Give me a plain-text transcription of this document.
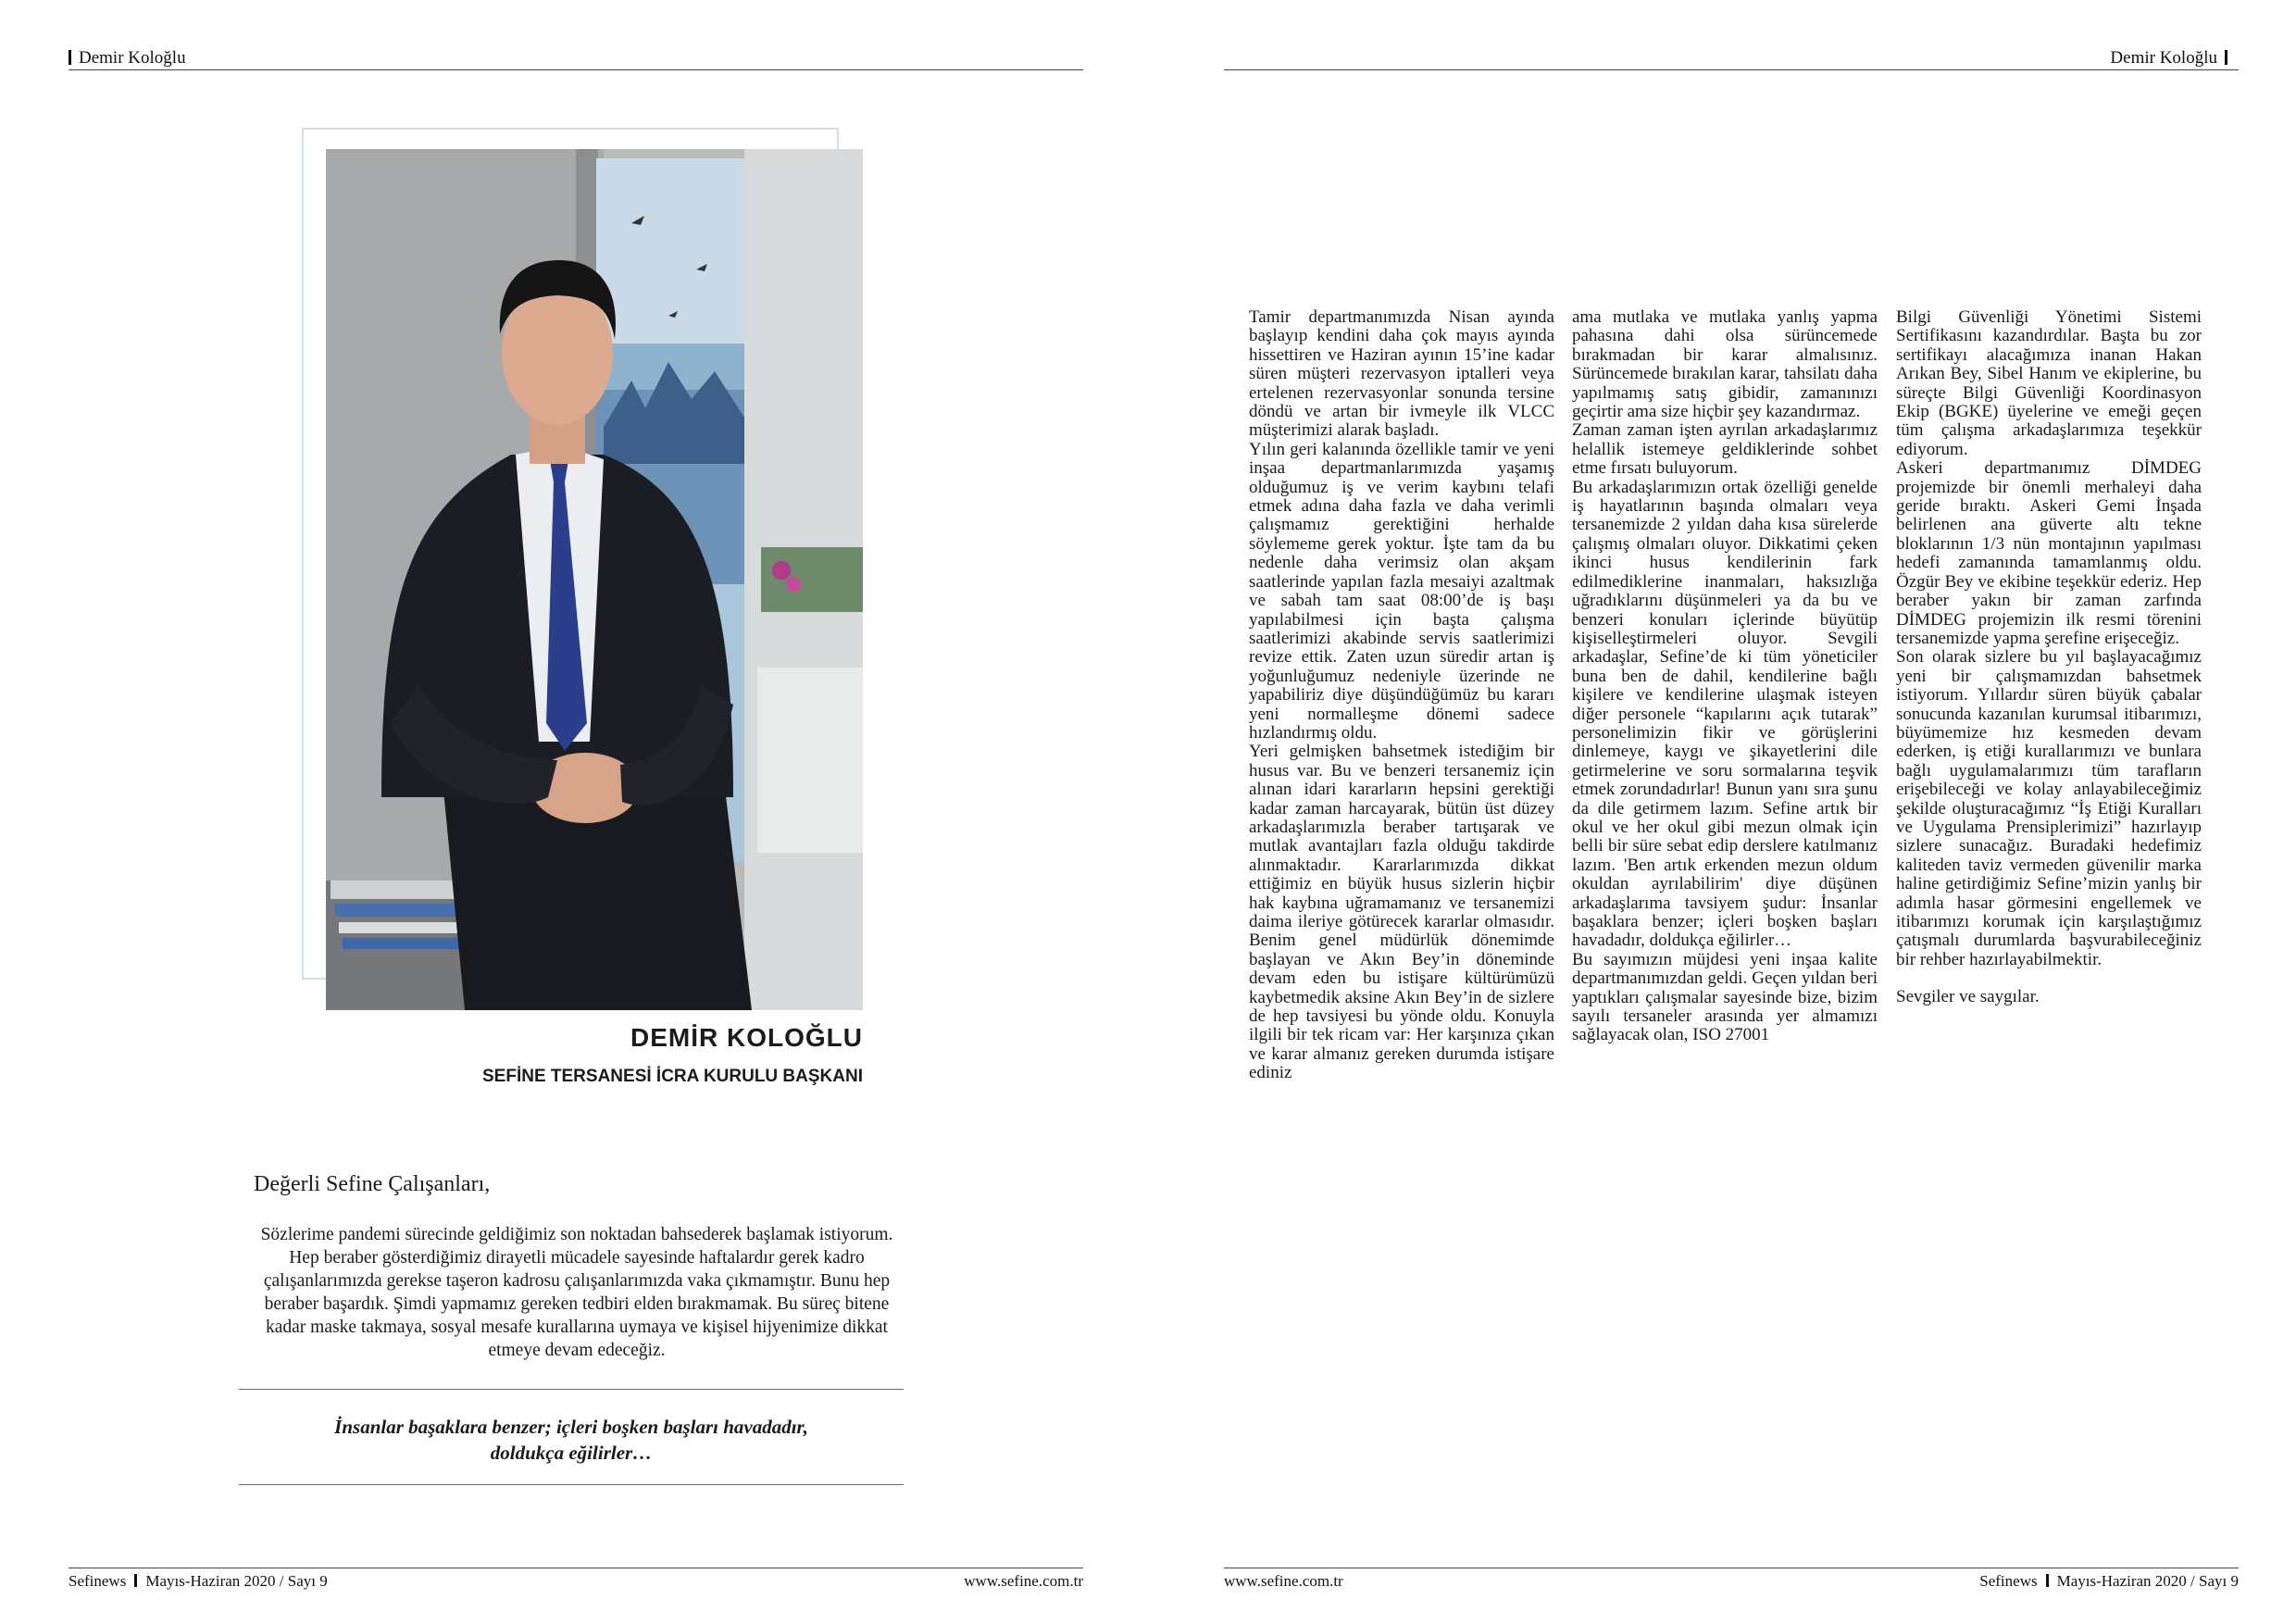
Demir Koloğlu
DEMİR KOLOĞLU
SEFİNE TERSANESİ İCRA KURULU BAŞKANI
Değerli Sefine Çalışanları,
Sözlerime pandemi sürecinde geldiğimiz son noktadan bahsederek başlamak istiyorum. Hep beraber gösterdiğimiz dirayetli mücadele sayesinde haftalardır gerek kadro çalışanlarımızda gerekse taşeron kadrosu çalışanlarımızda vaka çıkmamıştır. Bunu hep beraber başardık. Şimdi yapmamız gereken tedbiri elden bırakmamak. Bu süreç bitene kadar maske takmaya, sosyal mesafe kurallarına uymaya ve kişisel hijyenimize dikkat etmeye devam edeceğiz.
İnsanlar başaklara benzer; içleri boşken başları havadadır,
doldukça eğilirler…
Sefinews Mayıs-Haziran 2020 / Sayı 9	www.sefine.com.tr
Demir Koloğlu

Tamir departmanımızda Nisan ayında başlayıp kendini daha çok mayıs ayında hissettiren ve Haziran ayının 15’ine kadar süren müşteri rezervasyon iptalleri veya ertelenen rezervasyonlar sonunda tersine döndü ve artan bir ivmeyle ilk VLCC müşterimizi alarak başladı.

Yılın geri kalanında özellikle tamir ve yeni inşaa departmanlarımızda yaşamış olduğumuz iş ve verim kaybını telafi etmek adına daha fazla ve daha verimli çalışmamız gerektiğini herhalde söylememe gerek yoktur. İşte tam da bu nedenle daha verimsiz olan akşam saatlerinde yapılan fazla mesaiyi azaltmak ve sabah tam saat 08:00’de iş başı yapılabilmesi için başta çalışma saatlerimizi akabinde servis saatlerimizi revize ettik. Zaten uzun süredir artan iş yoğunluğumuz nedeniyle üzerinde ne yapabiliriz diye düşündüğümüz bu kararı yeni normalleşme dönemi sadece hızlandırmış oldu.

Yeri gelmişken bahsetmek istediğim bir husus var. Bu ve benzeri tersanemiz için alınan idari kararların hepsini gerektiği kadar zaman harcayarak, bütün üst düzey arkadaşlarımızla beraber tartışarak ve mutlak avantajları fazla olduğu takdirde alınmaktadır. Kararlarımızda dikkat ettiğimiz en büyük husus sizlerin hiçbir hak kaybına uğramamanız ve tersanemizi daima ileriye götürecek kararlar olmasıdır. Benim genel müdürlük dönemimde başlayan ve Akın Bey’in döneminde devam eden bu istişare kültürümüzü kaybetmedik aksine Akın Bey’in de sizlere de hep tavsiyesi bu yönde oldu. Konuyla ilgili bir tek ricam var: Her karşınıza çıkan ve karar almanız gereken durumda istişare ediniz

ama mutlaka ve mutlaka yanlış yapma pahasına dahi olsa sürüncemede bırakmadan bir karar almalısınız. Sürüncemede bırakılan karar, tahsilatı daha yapılmamış satış gibidir, zamanınızı geçirtir ama size hiçbir şey kazandırmaz.

Zaman zaman işten ayrılan arkadaşlarımız helallik istemeye geldiklerinde sohbet etme fırsatı buluyorum.

Bu arkadaşlarımızın ortak özelliği genelde iş hayatlarının başında olmaları veya tersanemizde 2 yıldan daha kısa sürelerde çalışmış olmaları oluyor. Dikkatimi çeken ikinci husus kendilerinin fark edilmediklerine inanmaları, haksızlığa uğradıklarını düşünmeleri ya da bu ve benzeri konuları içlerinde büyütüp kişiselleştirmeleri oluyor. Sevgili arkadaşlar, Sefine’de ki tüm yöneticiler buna ben de dahil, kendilerine bağlı kişilere ve kendilerine ulaşmak isteyen diğer personele “kapılarını açık tutarak” personelimizin fikir ve görüşlerini dinlemeye, kaygı ve şikayetlerini dile getirmelerine ve soru sormalarına teşvik etmek zorundadırlar! Bunun yanı sıra şunu da dile getirmem lazım. Sefine artık bir okul ve her okul gibi mezun olmak için belli bir süre sebat edip derslere katılmanız lazım. 'Ben artık erkenden mezun oldum okuldan ayrılabilirim' diye düşünen arkadaşlarıma tavsiyem şudur: İnsanlar başaklara benzer; içleri boşken başları havadadır, doldukça eğilirler…

Bu sayımızın müjdesi yeni inşaa kalite departmanımızdan geldi. Geçen yıldan beri yaptıkları çalışmalar sayesinde bize, bizim sayılı tersaneler arasında yer almamızı sağlayacak olan, ISO 27001

Bilgi Güvenliği Yönetimi Sistemi Sertifikasını kazandırdılar. Başta bu zor sertifikayı alacağımıza inanan Hakan Arıkan Bey, Sibel Hanım ve ekiplerine, bu süreçte Bilgi Güvenliği Koordinasyon Ekip (BGKE) üyelerine ve emeği geçen tüm çalışma arkadaşlarımıza teşekkür ediyorum.

Askeri departmanımız DİMDEG projemizde bir önemli merhaleyi daha geride bıraktı. Askeri Gemi İnşada belirlenen ana güverte altı tekne bloklarının 1/3 nün montajının yapılması hedefi zamanında tamamlanmış oldu. Özgür Bey ve ekibine teşekkür ederiz. Hep beraber yakın bir zaman zarfında DİMDEG projemizin ilk resmi törenini tersanemizde yapma şerefine erişeceğiz.

Son olarak sizlere bu yıl başlayacağımız yeni bir çalışmamızdan bahsetmek istiyorum. Yıllardır süren büyük çabalar sonucunda kazanılan kurumsal itibarımızı, büyümemize hız kesmeden devam ederken, iş etiği kurallarımızı ve bunlara bağlı uygulamalarımızı tüm tarafların erişebileceği ve kolay anlayabileceğimiz şekilde oluşturacağımız “İş Etiği Kuralları ve Uygulama Prensiplerimizi” hazırlayıp sizlere sunacağız. Buradaki hedefimiz kaliteden taviz vermeden güvenilir marka haline getirdiğimiz Sefine’mizin yanlış bir adımla hasar görmesini engellemek ve itibarımızı korumak için karşılaştığımız çatışmalı durumlarda başvurabileceğiniz bir rehber hazırlayabilmektir.

Sevgiler ve saygılar.

www.sefine.com.tr	Sefinews Mayıs-Haziran 2020 / Sayı 9
